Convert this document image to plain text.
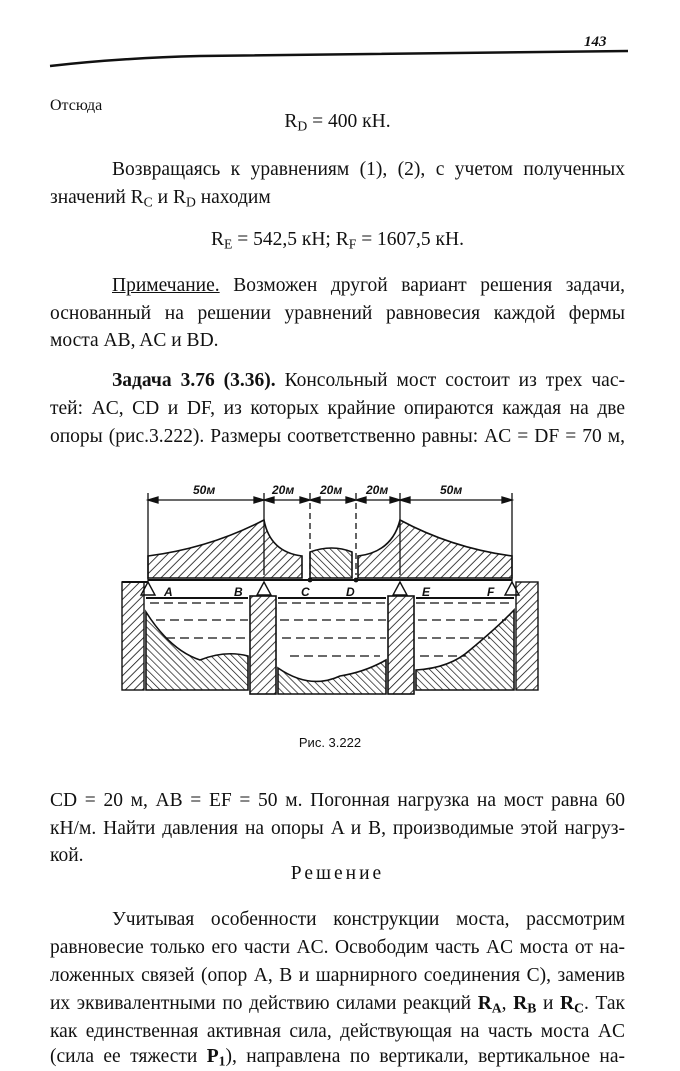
143
Отсюда
$R_D = 400$ кН.
Возвращаясь к уравнениям (1), (2), с учетом полученных
значений $R_C$ и $R_D$ находим
$R_E = 542,5$ кН; $R_F = 1607,5$ кН.
Примечание. Возможен другой вариант решения задачи,
основанный на решении уравнений равновесия каждой фермы
моста AB, AC и BD.
Задача 3.76 (3.36). Консольный мост состоит из трех час-
тей: AC, CD и DF, из которых крайние опираются каждая на две
опоры (рис.3.222). Размеры соответственно равны: AC = DF = 70 м,
50м	20м 20м 20м	50м
A	B	C	D	E	F
Рис. 3.222
CD = 20 м, AB = EF = 50 м. Погонная нагрузка на мост равна 60
кН/м. Найти давления на опоры A и B, производимые этой нагруз-
кой.
Решение
Учитывая особенности конструкции моста, рассмотрим
равновесие только его части AC. Освободим часть AC моста от на-
ложенных связей (опор A, B и шарнирного соединения C), заменив
их эквивалентными по действию силами реакций $R_A$, $R_B$ и $R_C$. Так
как единственная активная сила, действующая на часть моста AC
(сила ее тяжести $P_1$), направлена по вертикали, вертикальное на-
